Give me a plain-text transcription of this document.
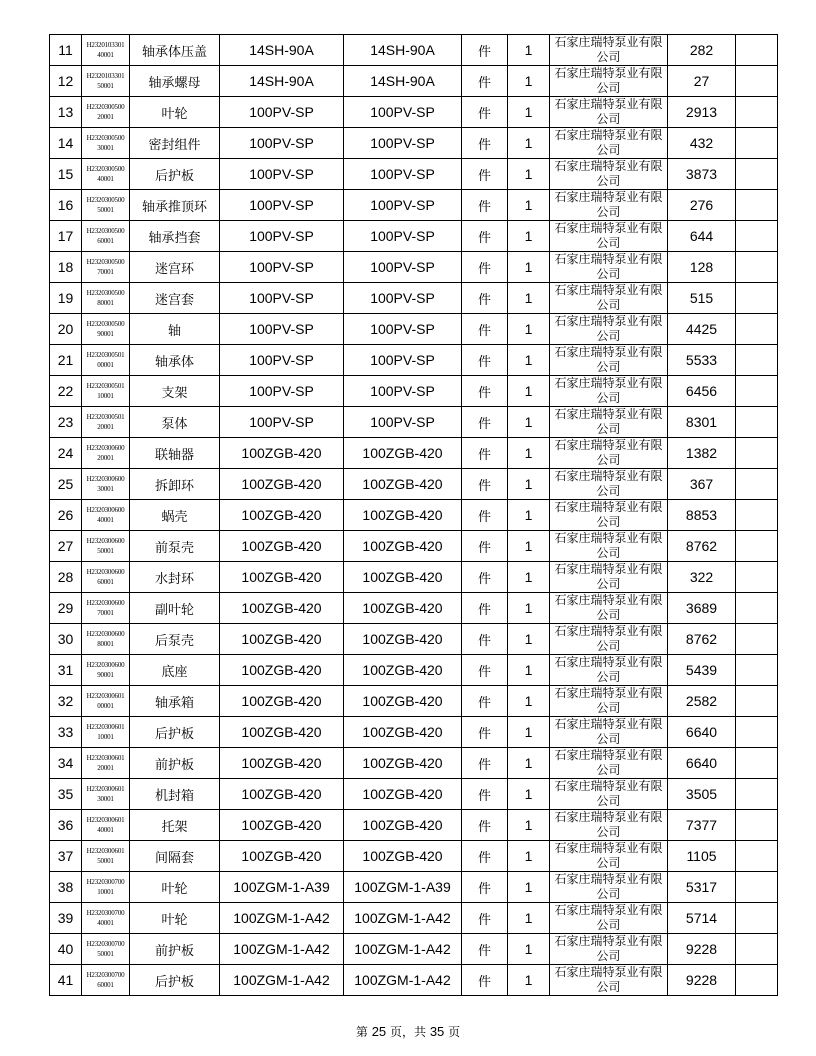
11	H232010330140001	轴承体压盖	14SH-90A	14SH-90A	件	1	石家庄瑞特泵业有限公司	282	
12	H232010330150001	轴承螺母	14SH-90A	14SH-90A	件	1	石家庄瑞特泵业有限公司	27	
13	H232030050020001	叶轮	100PV-SP	100PV-SP	件	1	石家庄瑞特泵业有限公司	2913	
14	H232030050030001	密封组件	100PV-SP	100PV-SP	件	1	石家庄瑞特泵业有限公司	432	
15	H232030050040001	后护板	100PV-SP	100PV-SP	件	1	石家庄瑞特泵业有限公司	3873	
16	H232030050050001	轴承推顶环	100PV-SP	100PV-SP	件	1	石家庄瑞特泵业有限公司	276	
17	H232030050060001	轴承挡套	100PV-SP	100PV-SP	件	1	石家庄瑞特泵业有限公司	644	
18	H232030050070001	迷宫环	100PV-SP	100PV-SP	件	1	石家庄瑞特泵业有限公司	128	
19	H232030050080001	迷宫套	100PV-SP	100PV-SP	件	1	石家庄瑞特泵业有限公司	515	
20	H232030050090001	轴	100PV-SP	100PV-SP	件	1	石家庄瑞特泵业有限公司	4425	
21	H232030050100001	轴承体	100PV-SP	100PV-SP	件	1	石家庄瑞特泵业有限公司	5533	
22	H232030050110001	支架	100PV-SP	100PV-SP	件	1	石家庄瑞特泵业有限公司	6456	
23	H232030050120001	泵体	100PV-SP	100PV-SP	件	1	石家庄瑞特泵业有限公司	8301	
24	H232030060020001	联轴器	100ZGB-420	100ZGB-420	件	1	石家庄瑞特泵业有限公司	1382	
25	H232030060030001	拆卸环	100ZGB-420	100ZGB-420	件	1	石家庄瑞特泵业有限公司	367	
26	H232030060040001	蜗壳	100ZGB-420	100ZGB-420	件	1	石家庄瑞特泵业有限公司	8853	
27	H232030060050001	前泵壳	100ZGB-420	100ZGB-420	件	1	石家庄瑞特泵业有限公司	8762	
28	H232030060060001	水封环	100ZGB-420	100ZGB-420	件	1	石家庄瑞特泵业有限公司	322	
29	H232030060070001	副叶轮	100ZGB-420	100ZGB-420	件	1	石家庄瑞特泵业有限公司	3689	
30	H232030060080001	后泵壳	100ZGB-420	100ZGB-420	件	1	石家庄瑞特泵业有限公司	8762	
31	H232030060090001	底座	100ZGB-420	100ZGB-420	件	1	石家庄瑞特泵业有限公司	5439	
32	H232030060100001	轴承箱	100ZGB-420	100ZGB-420	件	1	石家庄瑞特泵业有限公司	2582	
33	H232030060110001	后护板	100ZGB-420	100ZGB-420	件	1	石家庄瑞特泵业有限公司	6640	
34	H232030060120001	前护板	100ZGB-420	100ZGB-420	件	1	石家庄瑞特泵业有限公司	6640	
35	H232030060130001	机封箱	100ZGB-420	100ZGB-420	件	1	石家庄瑞特泵业有限公司	3505	
36	H232030060140001	托架	100ZGB-420	100ZGB-420	件	1	石家庄瑞特泵业有限公司	7377	
37	H232030060150001	间隔套	100ZGB-420	100ZGB-420	件	1	石家庄瑞特泵业有限公司	1105	
38	H232030070010001	叶轮	100ZGM-1-A39	100ZGM-1-A39	件	1	石家庄瑞特泵业有限公司	5317	
39	H232030070040001	叶轮	100ZGM-1-A42	100ZGM-1-A42	件	1	石家庄瑞特泵业有限公司	5714	
40	H232030070050001	前护板	100ZGM-1-A42	100ZGM-1-A42	件	1	石家庄瑞特泵业有限公司	9228	
41	H232030070060001	后护板	100ZGM-1-A42	100ZGM-1-A42	件	1	石家庄瑞特泵业有限公司	9228	
第 25 页，共 35 页
